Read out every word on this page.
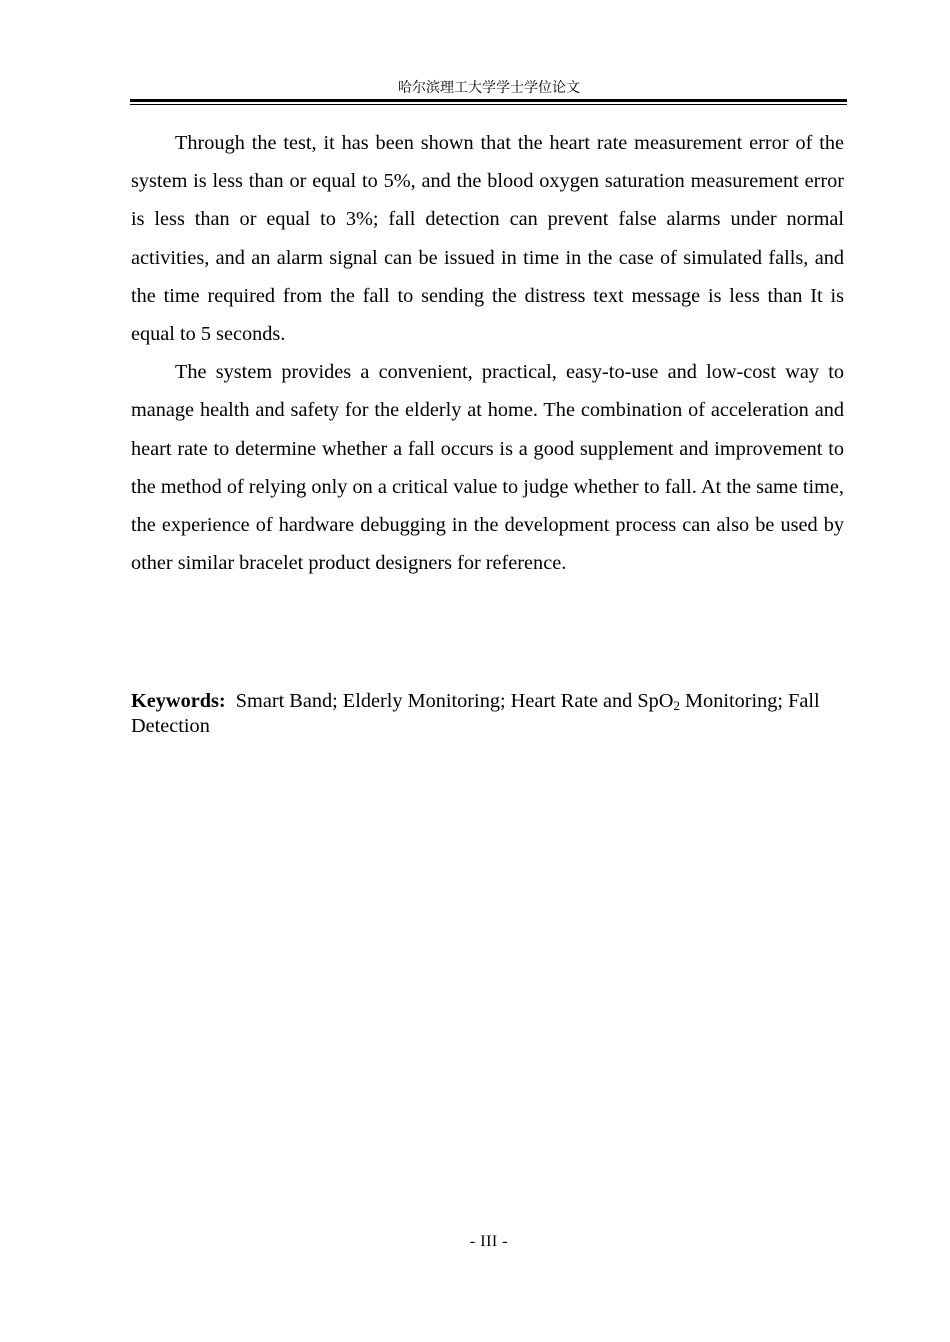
哈尔滨理工大学学士学位论文

Through the test, it has been shown that the heart rate measurement error of the system is less than or equal to 5%, and the blood oxygen saturation measurement error is less than or equal to 3%; fall detection can prevent false alarms under normal activities, and an alarm signal can be issued in time in the case of simulated falls, and the time required from the fall to sending the distress text message is less than It is equal to 5 seconds.

The system provides a convenient, practical, easy-to-use and low-cost way to manage health and safety for the elderly at home. The combination of acceleration and heart rate to determine whether a fall occurs is a good supplement and improvement to the method of relying only on a critical value to judge whether to fall. At the same time, the experience of hardware debugging in the development process can also be used by other similar bracelet product designers for reference.

Keywords: Smart Band; Elderly Monitoring; Heart Rate and SpO$_2$ Monitoring; Fall Detection
- III -
